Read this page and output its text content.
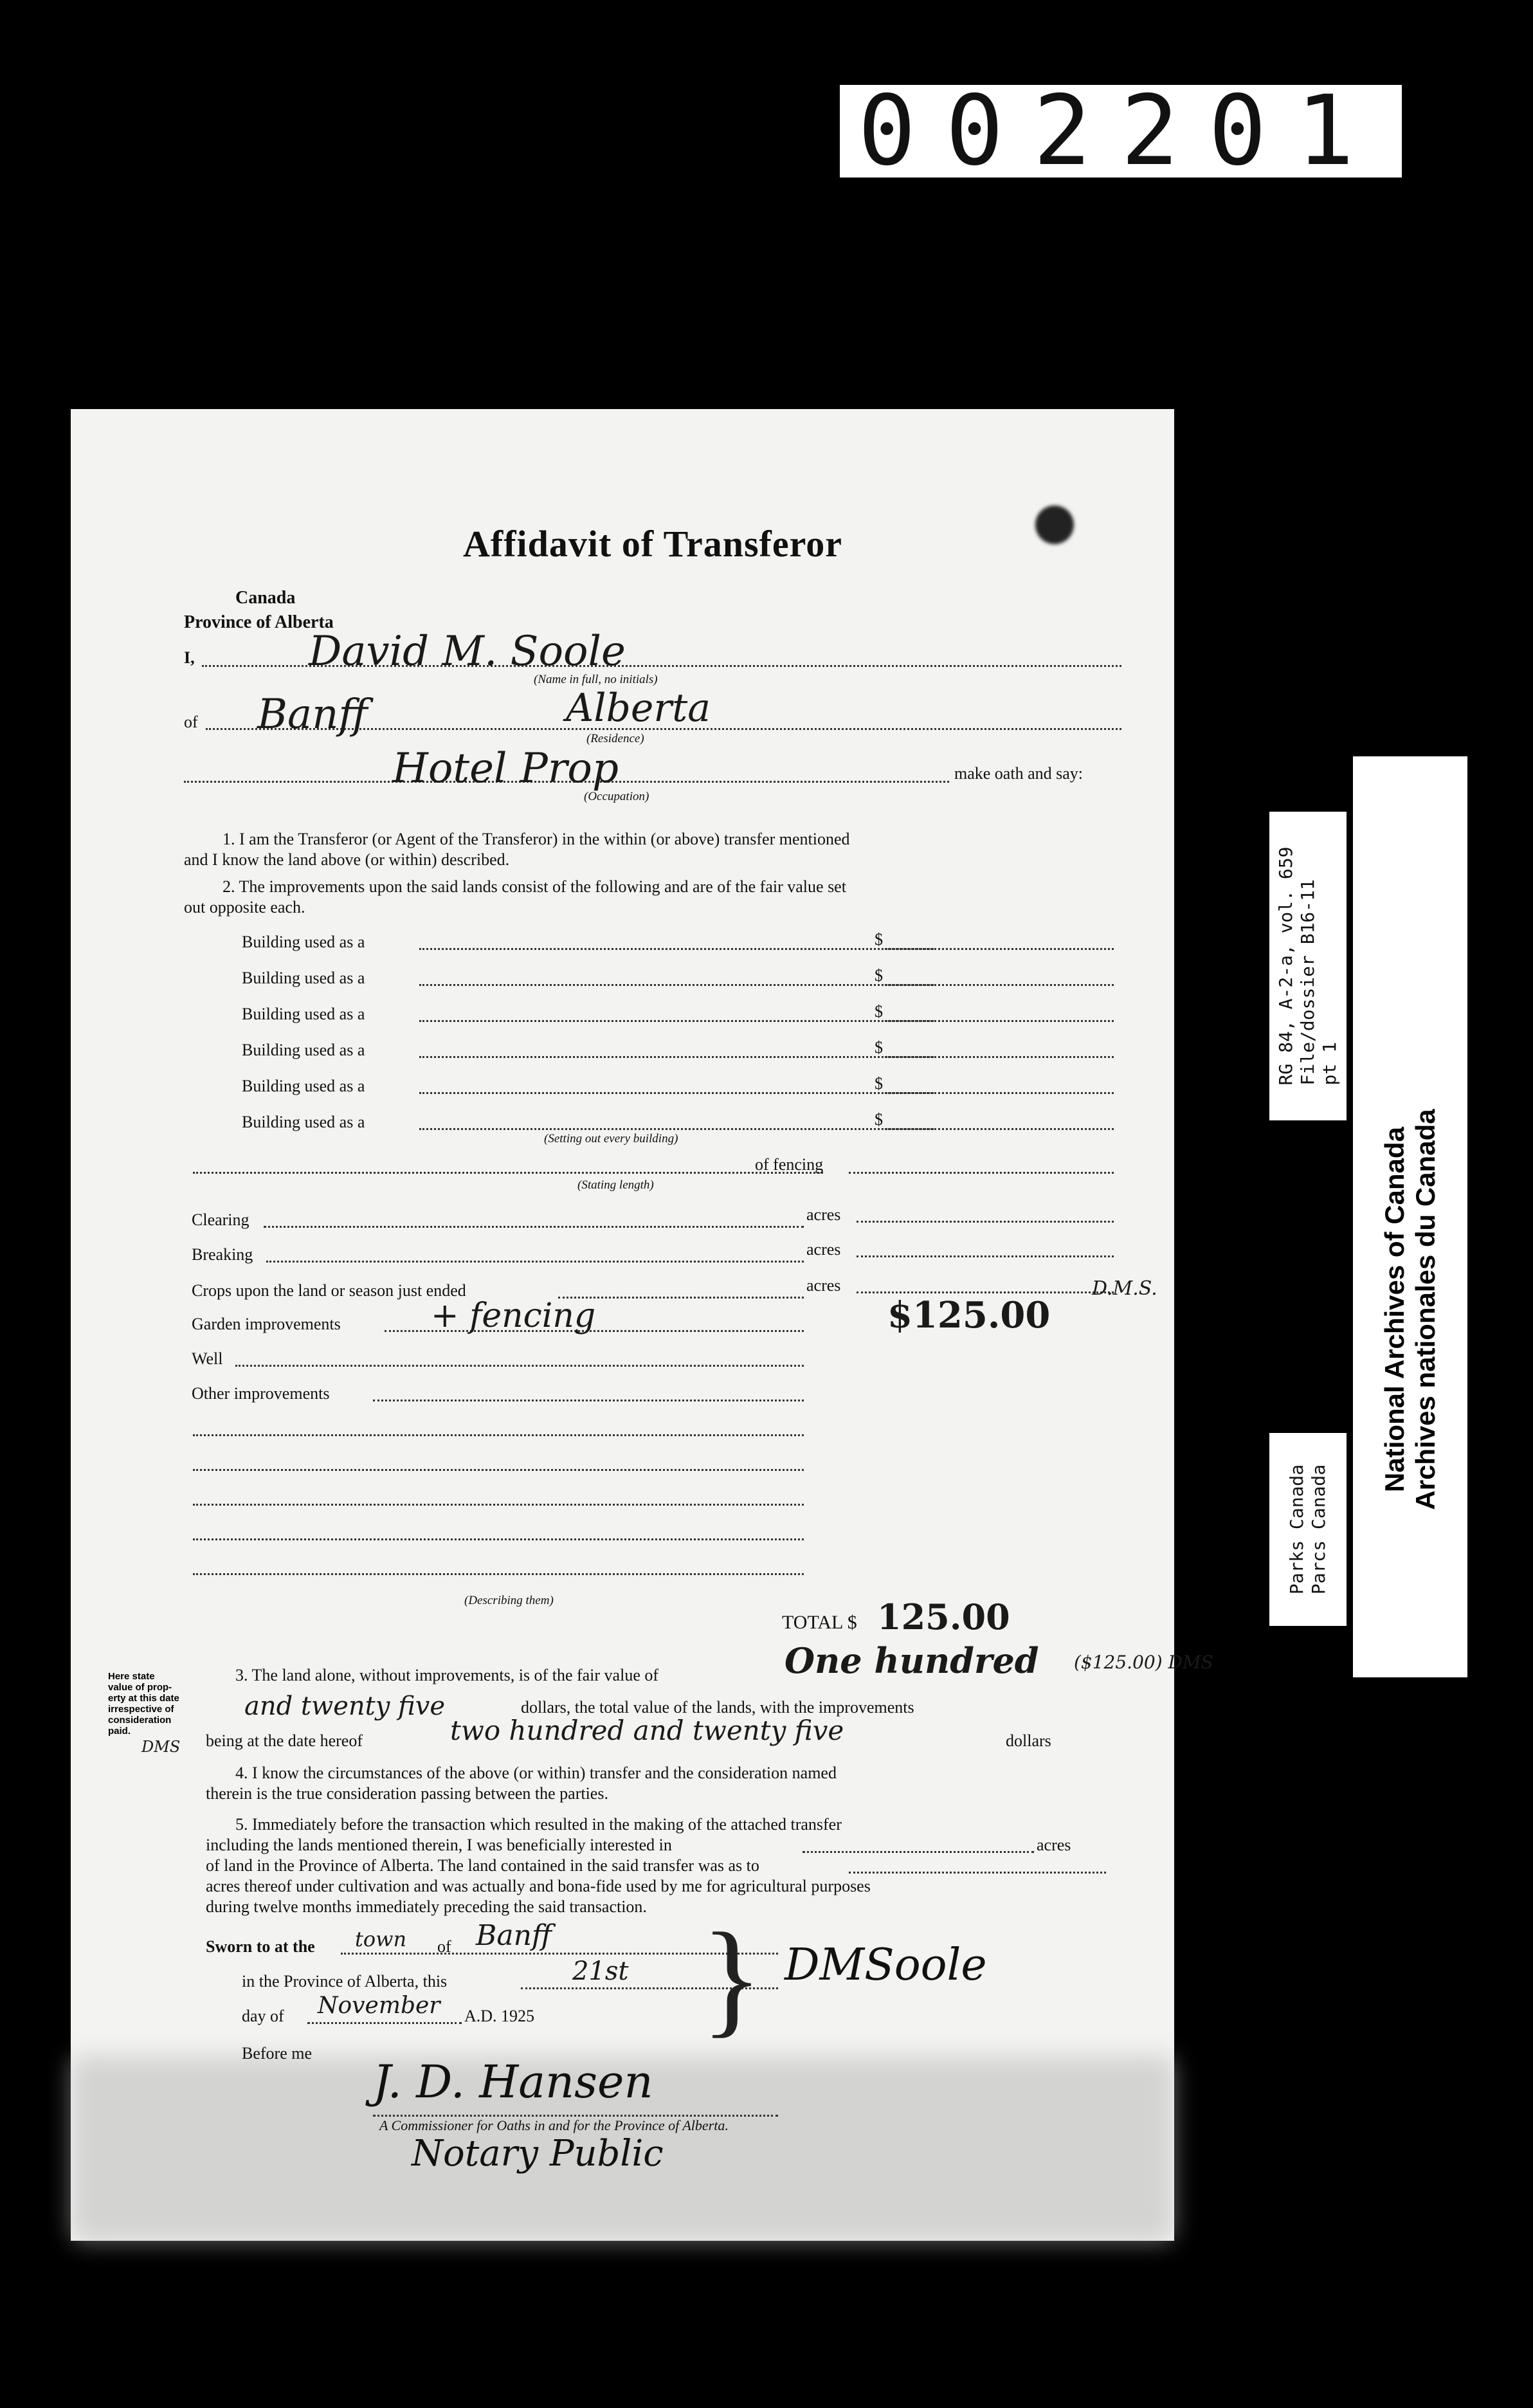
002201
RG 84, A-2-a, vol. 659 File/dossier B16-11 pt 1
National Archives of Canada Archives nationales du Canada
Parks Canada Parcs Canada
Affidavit of Transferor
Canada
Province of Alberta
I,	David M. Soole
(Name in full, no initials)
of Banff	Alberta
(Residence)
Hotel Prop	make oath and say:
(Occupation)
1. I am the Transferor (or Agent of the Transferor) in the within (or above) transfer mentioned
and I know the land above (or within) described.
2. The improvements upon the said lands consist of the following and are of the fair value set
out opposite each.
Building used as a	$
Building used as a	$
Building used as a	$
Building used as a	$
Building used as a	$
Building used as a	$
(Setting out every building)
of fencing
(Stating length)
Clearing	acres
Breaking	acres
Crops upon the land or season just ended	acres
Garden improvements	+ fencing	$125.00
D.M.S.
Well
Other improvements
(Describing them)
TOTAL $ 125.00
Here state
value of prop-
erty at this date
irrespective of
consideration
paid.
DMS
3. The land alone, without improvements, is of the fair value of	One hundred ($125.00) DMS
and twenty five	dollars, the total value of the lands, with the improvements
being at the date hereof	two hundred and twenty five	dollars
4. I know the circumstances of the above (or within) transfer and the consideration named
therein is the true consideration passing between the parties.
5. Immediately before the transaction which resulted in the making of the attached transfer
including the lands mentioned therein, I was beneficially interested in	acres
of land in the Province of Alberta. The land contained in the said transfer was as to
acres thereof under cultivation and was actually and bona-fide used by me for agricultural purposes
during twelve months immediately preceding the said transaction.
Sworn to at the town of Banff
in the Province of Alberta, this	21st
day of November A.D. 1925
Before me
} DMSoole
J. D. Hansen
A Commissioner for Oaths in and for the Province of Alberta.
Notary Public
